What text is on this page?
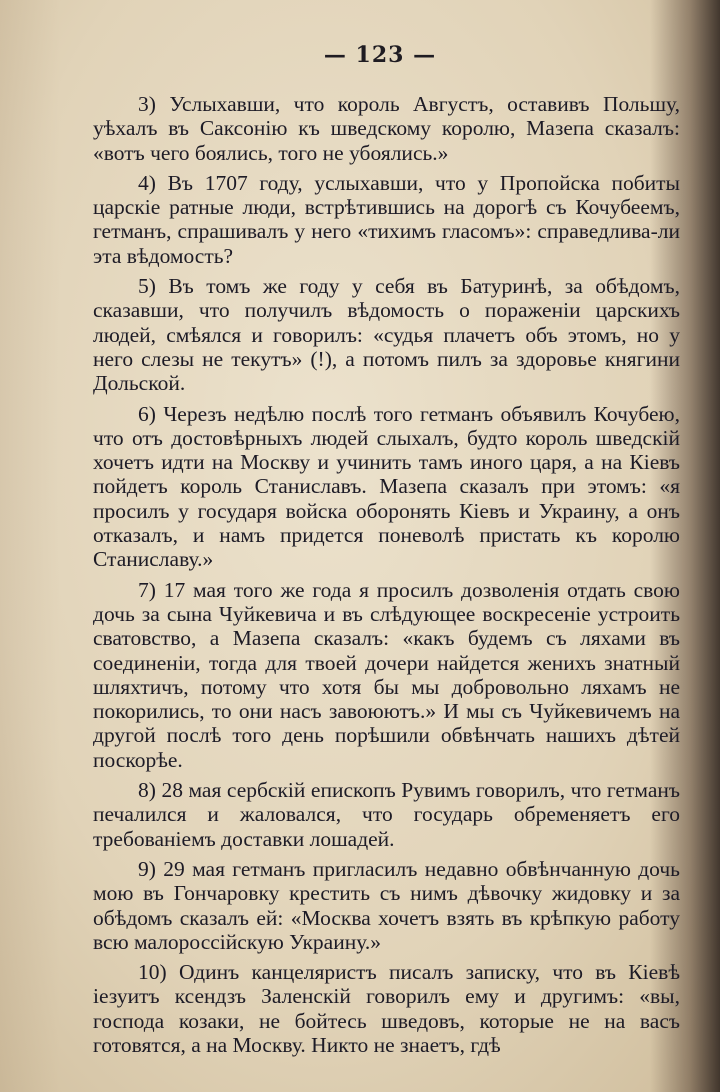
— 123 —

3) Услыхавши, что король Августъ, оставивъ Польшу, уѣхалъ въ Саксонію къ шведскому королю, Мазепа сказалъ: «вотъ чего боялись, того не убоялись.»

4) Въ 1707 году, услыхавши, что у Пропойска побиты царскіе ратные люди, встрѣтившись на дорогѣ съ Кочубеемъ, гетманъ, спрашивалъ у него «тихимъ гласомъ»: справедлива-ли эта вѣдомость?

5) Въ томъ же году у себя въ Батуринѣ, за обѣдомъ, сказавши, что получилъ вѣдомость о пораженіи царскихъ людей, смѣялся и говорилъ: «судья плачетъ объ этомъ, но у него слезы не текутъ» (!), а потомъ пилъ за здоровье княгини Дольской.

6) Черезъ недѣлю послѣ того гетманъ объявилъ Кочубею, что отъ достовѣрныхъ людей слыхалъ, будто король шведскій хочетъ идти на Москву и учинить тамъ иного царя, а на Кіевъ пойдетъ король Станиславъ. Мазепа сказалъ при этомъ: «я просилъ у государя войска оборонять Кіевъ и Украину, а онъ отказалъ, и намъ придется поневолѣ пристать къ королю Станиславу.»

7) 17 мая того же года я просилъ дозволенія отдать свою дочь за сына Чуйкевича и въ слѣдующее воскресеніе устроить сватовство, а Мазепа сказалъ: «какъ будемъ съ ляхами въ соединеніи, тогда для твоей дочери найдется женихъ знатный шляхтичъ, потому что хотя бы мы добровольно ляхамъ не покорились, то они насъ завоюютъ.» И мы съ Чуйкевичемъ на другой послѣ того день порѣшили обвѣнчать нашихъ дѣтей поскорѣе.

8) 28 мая сербскій епископъ Рувимъ говорилъ, что гетманъ печалился и жаловался, что государь обременяетъ его требованіемъ доставки лошадей.

9) 29 мая гетманъ пригласилъ недавно обвѣнчанную дочь мою въ Гончаровку крестить съ нимъ дѣвочку жидовку и за обѣдомъ сказалъ ей: «Москва хочетъ взять въ крѣпкую работу всю малороссійскую Украину.»

10) Одинъ канцеляристъ писалъ записку, что въ Кіевѣ іезуитъ ксендзъ Заленскій говорилъ ему и другимъ: «вы, господа козаки, не бойтесь шведовъ, которые не на васъ готовятся, а на Москву. Никто не знаетъ, гдѣ
